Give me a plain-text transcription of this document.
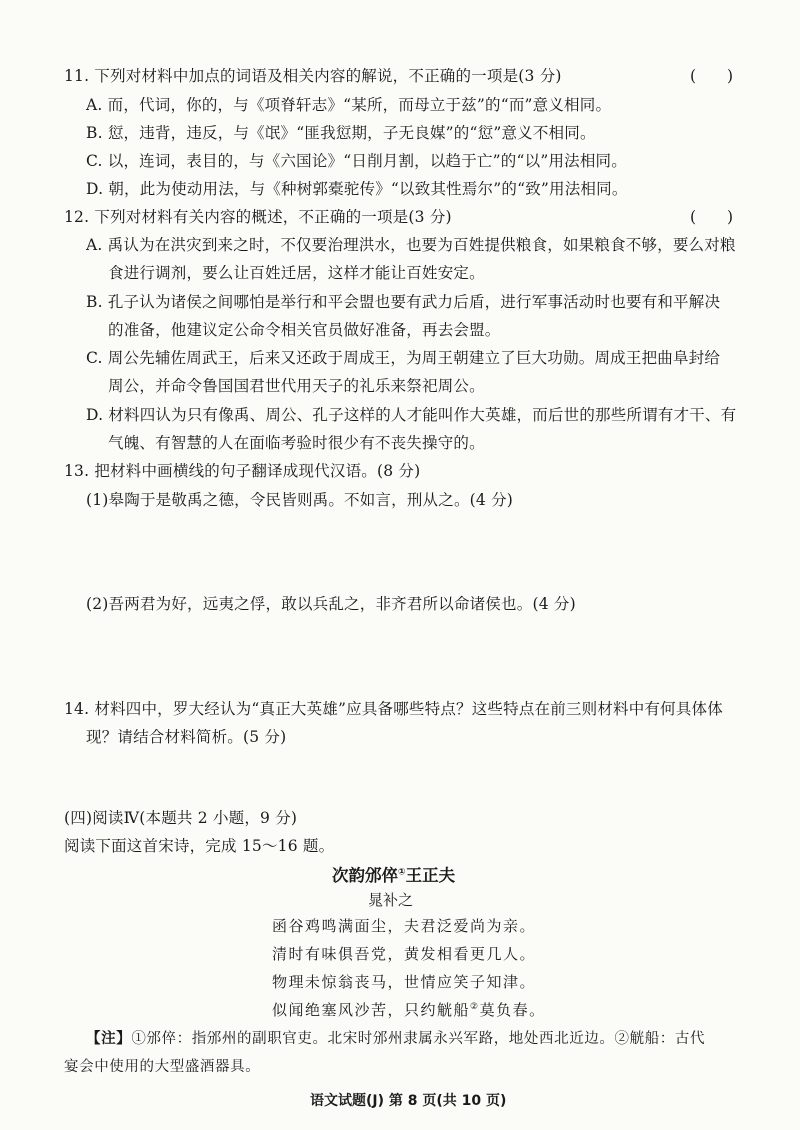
11. 下列对材料中加点的词语及相关内容的解说，不正确的一项是(3 分)	(　　)
A. 而，代词，你的，与《项脊轩志》“某所，而母立于兹”的“而”意义相同。
B. 愆，违背，违反，与《氓》“匪我愆期，子无良媒”的“愆”意义不相同。
C. 以，连词，表目的，与《六国论》“日削月割，以趋于亡”的“以”用法相同。
D. 朝，此为使动用法，与《种树郭橐驼传》“以致其性焉尔”的“致”用法相同。
12. 下列对材料有关内容的概述，不正确的一项是(3 分)	(　　)
A. 禹认为在洪灾到来之时，不仅要治理洪水，也要为百姓提供粮食，如果粮食不够，要么对粮
食进行调剂，要么让百姓迁居，这样才能让百姓安定。
B. 孔子认为诸侯之间哪怕是举行和平会盟也要有武力后盾，进行军事活动时也要有和平解决
的准备，他建议定公命令相关官员做好准备，再去会盟。
C. 周公先辅佐周武王，后来又还政于周成王，为周王朝建立了巨大功勋。周成王把曲阜封给
周公，并命令鲁国国君世代用天子的礼乐来祭祀周公。
D. 材料四认为只有像禹、周公、孔子这样的人才能叫作大英雄，而后世的那些所谓有才干、有
气魄、有智慧的人在面临考验时很少有不丧失操守的。
13. 把材料中画横线的句子翻译成现代汉语。(8 分)
(1)皋陶于是敬禹之德，令民皆则禹。不如言，刑从之。(4 分)
(2)吾两君为好，远夷之俘，敢以兵乱之，非齐君所以命诸侯也。(4 分)
14. 材料四中，罗大经认为“真正大英雄”应具备哪些特点？这些特点在前三则材料中有何具体体
现？请结合材料简析。(5 分)
(四)阅读Ⅳ(本题共 2 小题，9 分)
阅读下面这首宋诗，完成 15～16 题。
次韵邠倅①王正夫
晁补之
函谷鸡鸣满面尘，夫君泛爱尚为亲。
清时有味俱吾党，黄发相看更几人。
物理未惊翁丧马，世情应笑子知津。
似闻绝塞风沙苦，只约觥船②莫负春。
【注】①邠倅：指邠州的副职官吏。北宋时邠州隶属永兴军路，地处西北近边。②觥船：古代
宴会中使用的大型盛酒器具。
语文试题(J) 第 8 页(共 10 页)
